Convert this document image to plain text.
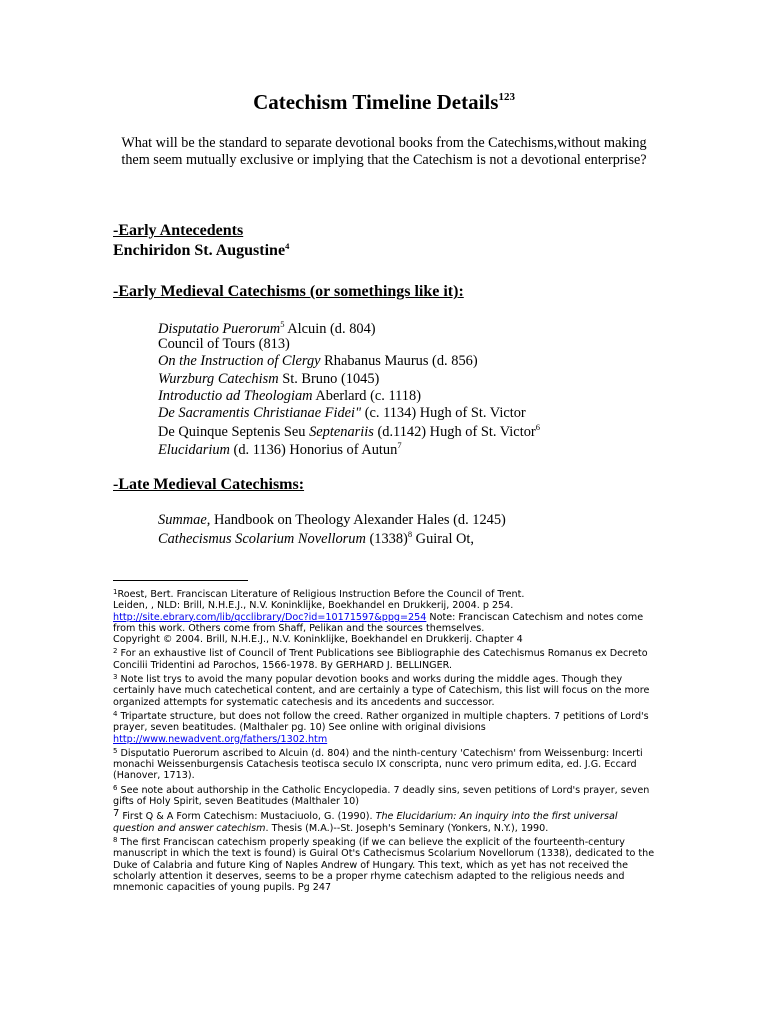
Catechism Timeline Details$^{123}$

What will be the standard to separate devotional books from the Catechisms,without making them seem mutually exclusive or implying that the Catechism is not a devotional enterprise?

-Early Antecedents

Enchiridon St. Augustine$^4$

-Early Medieval Catechisms (or somethings like it):

Disputatio Puerorum$^5$ Alcuin (d. 804)

Council of Tours (813)

On the Instruction of Clergy Rhabanus Maurus (d. 856)

Wurzburg Catechism St. Bruno (1045)

Introductio ad Theologiam Aberlard (c. 1118)

De Sacramentis Christianae Fidei" (c. 1134) Hugh of St. Victor

De Quinque Septenis Seu Septenariis (d.1142) Hugh of St. Victor$^6$

Elucidarium (d. 1136) Honorius of Autun$^7$

-Late Medieval Catechisms:

Summae, Handbook on Theology Alexander Hales (d. 1245)

Cathecismus Scolarium Novellorum (1338)$^8$ Guiral Ot,

$^1$Roest, Bert. Franciscan Literature of Religious Instruction Before the Council of Trent.
Leiden, , NLD: Brill, N.H.E.J., N.V. Koninklijke, Boekhandel en Drukkerij, 2004. p 254.
http://site.ebrary.com/lib/qcclibrary/Doc?id=10171597&ppg=254 Note: Franciscan Catechism and notes come from this work. Others come from Shaff, Pelikan and the sources themselves.
Copyright © 2004. Brill, N.H.E.J., N.V. Koninklijke, Boekhandel en Drukkerij. Chapter 4
$^2$ For an exhaustive list of Council of Trent Publications see Bibliographie des Catechismus Romanus ex Decreto Concilii Tridentini ad Parochos, 1566-1978. By GERHARD J. BELLINGER.
$^3$ Note list trys to avoid the many popular devotion books and works during the middle ages. Though they certainly have much catechetical content, and are certainly a type of Catechism, this list will focus on the more organized attempts for systematic catechesis and its ancedents and successor.
$^4$ Tripartate structure, but does not follow the creed. Rather organized in multiple chapters. 7 petitions of Lord's prayer, seven beatitudes. (Malthaler pg. 10) See online with original divisions
http://www.newadvent.org/fathers/1302.htm
$^5$ Disputatio Puerorum ascribed to Alcuin (d. 804) and the ninth-century 'Catechism' from Weissenburg: Incerti monachi Weissenburgensis Catachesis teotisca seculo IX conscripta, nunc vero primum edita, ed. J.G. Eccard (Hanover, 1713).
$^6$ See note about authorship in the Catholic Encyclopedia. 7 deadly sins, seven petitions of Lord's prayer, seven gifts of Holy Spirit, seven Beatitudes (Malthaler 10)
$^7$ First Q & A Form Catechism: Mustaciuolo, G. (1990). The Elucidarium: An inquiry into the first universal question and answer catechism. Thesis (M.A.)--St. Joseph's Seminary (Yonkers, N.Y.), 1990.
$^8$ The first Franciscan catechism properly speaking (if we can believe the explicit of the fourteenth-century manuscript in which the text is found) is Guiral Ot's Cathecismus Scolarium Novellorum (1338), dedicated to the Duke of Calabria and future King of Naples Andrew of Hungary. This text, which as yet has not received the scholarly attention it deserves, seems to be a proper rhyme catechism adapted to the religious needs and mnemonic capacities of young pupils. Pg 247
